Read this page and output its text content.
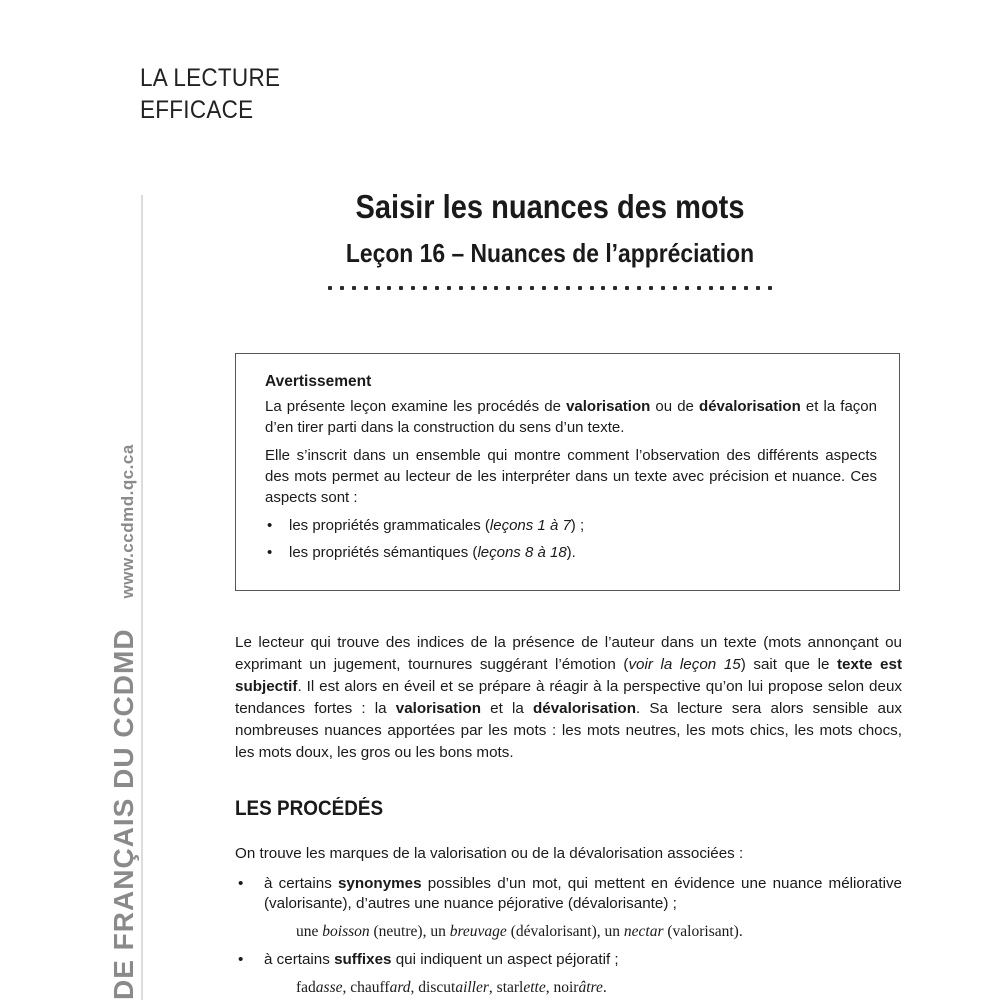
LA LECTURE
EFFICACE
DE FRANÇAIS DU CCDMDwww.ccdmd.qc.ca
Saisir les nuances des mots
Leçon 16 – Nuances de l’appréciation

Avertissement

La présente leçon examine les procédés de valorisation ou de dévalorisation et la façon d’en tirer parti dans la construction du sens d’un texte.

Elle s’inscrit dans un ensemble qui montre comment l’observation des différents aspects des mots permet au lecteur de les interpréter dans un texte avec précision et nuance. Ces aspects sont :

• les propriétés grammaticales (leçons 1 à 7) ;
• les propriétés sémantiques (leçons 8 à 18).

Le lecteur qui trouve des indices de la présence de l’auteur dans un texte (mots annonçant ou exprimant un jugement, tournures suggérant l’émotion (voir la leçon 15) sait que le texte est subjectif. Il est alors en éveil et se prépare à réagir à la perspective qu’on lui propose selon deux tendances fortes : la valorisation et la dévalorisation. Sa lecture sera alors sensible aux nombreuses nuances apportées par les mots : les mots neutres, les mots chics, les mots chocs, les mots doux, les gros ou les bons mots.

LES PROCÉDÉS

On trouve les marques de la valorisation ou de la dévalorisation associées :

• à certains synonymes possibles d’un mot, qui mettent en évidence une nuance méliorative (valorisante), d’autres une nuance péjorative (dévalorisante) ;
une boisson (neutre), un breuvage (dévalorisant), un nectar (valorisant).
• à certains suffixes qui indiquent un aspect péjoratif ;
fadasse, chauffard, discutailler, starlette, noirâtre.
